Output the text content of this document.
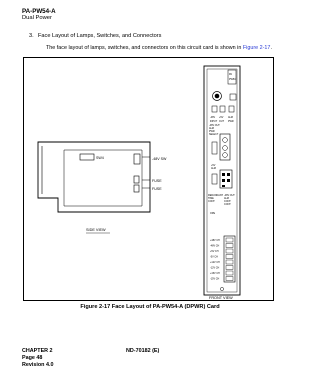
PA-PW54-A
Dual Power
3. Face Layout of Lamps, Switches, and Connectors
The face layout of lamps, switches, and connectors on this circuit card is shown in Figure 2-17.
SW4	-48V SW
FUSE
FUSE
SIDE VIEW
PA
PW54
-48V +5V ALM
INPUT OUT PWR
-48V OUT
ALM
PWR
SELECT
+5V
ALM
REDUNDANT
TIME
CONT
-48V OUT
ALM
CONT
CONT
OPE
+48V CH
-48V CH
+5V CH
-5V CH
+12V CH
-12V CH
+15V CH
-15V CH
FRONT VIEW
Figure 2-17 Face Layout of PA-PW54-A (DPWR) Card
CHAPTER 2
Page 48
Revision 4.0
ND-70182 (E)
